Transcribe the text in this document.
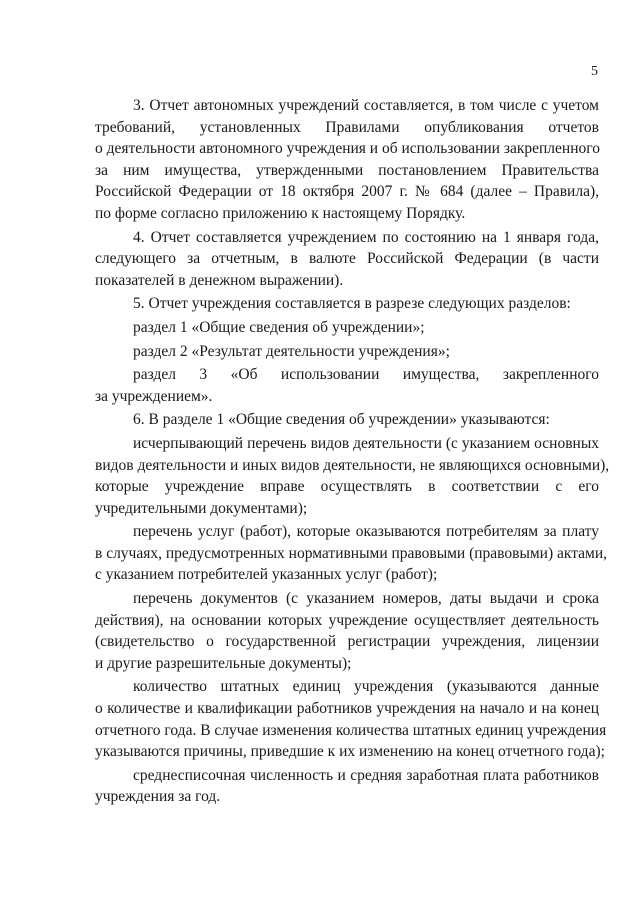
5
3. Отчет автономных учреждений составляется, в том числе с учетом
требований, установленных Правилами опубликования отчетов
о деятельности автономного учреждения и об использовании закрепленного
за ним имущества, утвержденными постановлением Правительства
Российской Федерации от 18 октября 2007 г. № 684 (далее – Правила),
по форме согласно приложению к настоящему Порядку.
4. Отчет составляется учреждением по состоянию на 1 января года,
следующего за отчетным, в валюте Российской Федерации (в части
показателей в денежном выражении).
5. Отчет учреждения составляется в разрезе следующих разделов:
раздел 1 «Общие сведения об учреждении»;
раздел 2 «Результат деятельности учреждения»;
раздел 3 «Об использовании имущества, закрепленного
за учреждением».
6. В разделе 1 «Общие сведения об учреждении» указываются:
исчерпывающий перечень видов деятельности (с указанием основных
видов деятельности и иных видов деятельности, не являющихся основными),
которые учреждение вправе осуществлять в соответствии с его
учредительными документами);
перечень услуг (работ), которые оказываются потребителям за плату
в случаях, предусмотренных нормативными правовыми (правовыми) актами,
с указанием потребителей указанных услуг (работ);
перечень документов (с указанием номеров, даты выдачи и срока
действия), на основании которых учреждение осуществляет деятельность
(свидетельство о государственной регистрации учреждения, лицензии
и другие разрешительные документы);
количество штатных единиц учреждения (указываются данные
о количестве и квалификации работников учреждения на начало и на конец
отчетного года. В случае изменения количества штатных единиц учреждения
указываются причины, приведшие к их изменению на конец отчетного года);
среднесписочная численность и средняя заработная плата работников
учреждения за год.
